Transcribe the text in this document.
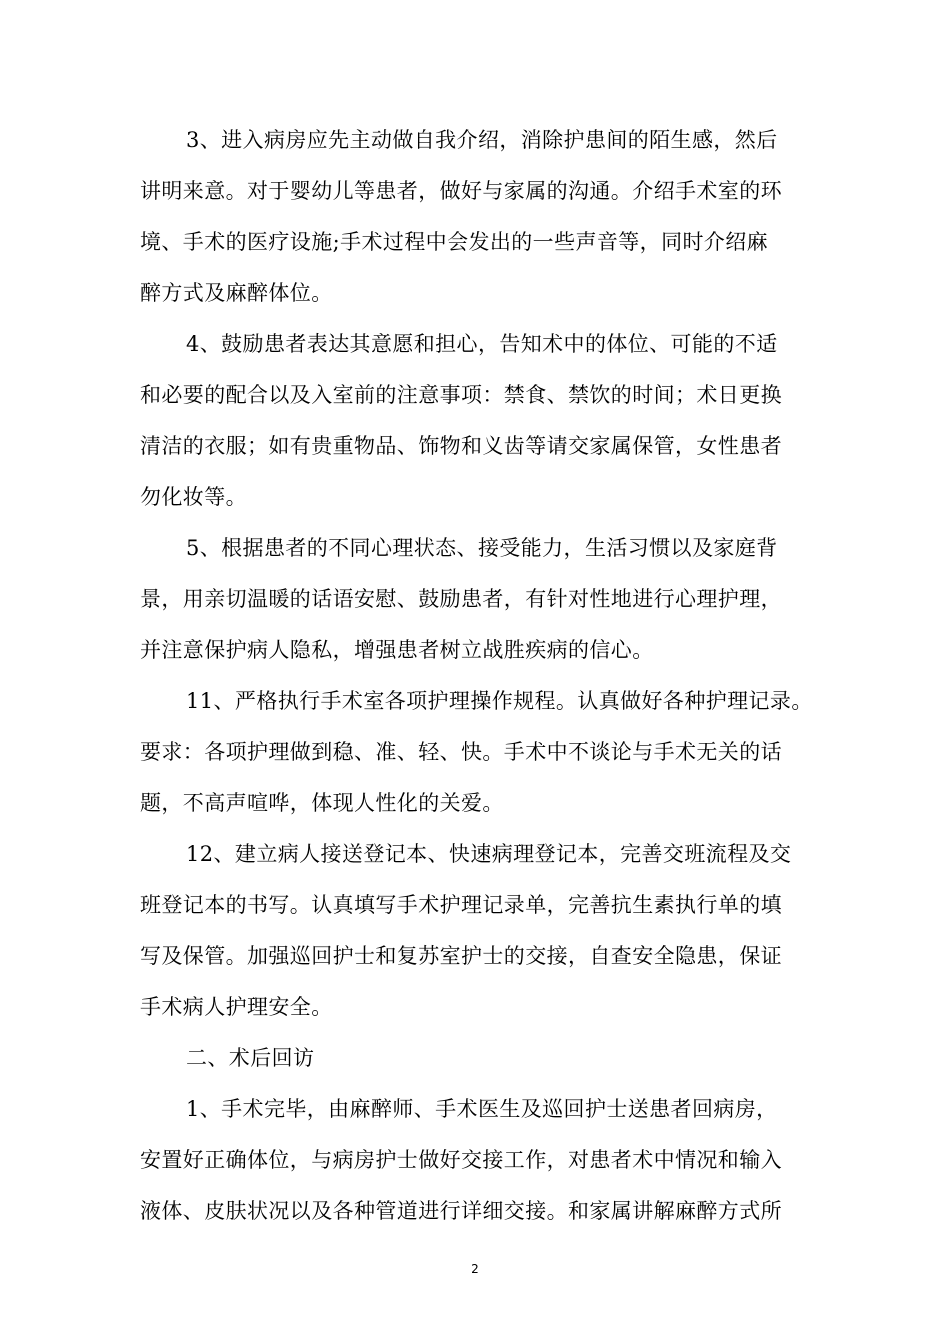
3、进入病房应先主动做自我介绍，消除护患间的陌生感，然后
讲明来意。对于婴幼儿等患者，做好与家属的沟通。介绍手术室的环
境、手术的医疗设施;手术过程中会发出的一些声音等，同时介绍麻
醉方式及麻醉体位。
4、鼓励患者表达其意愿和担心，告知术中的体位、可能的不适
和必要的配合以及入室前的注意事项：禁食、禁饮的时间；术日更换
清洁的衣服；如有贵重物品、饰物和义齿等请交家属保管，女性患者
勿化妆等。
5、根据患者的不同心理状态、接受能力，生活习惯以及家庭背
景，用亲切温暖的话语安慰、鼓励患者，有针对性地进行心理护理，
并注意保护病人隐私，增强患者树立战胜疾病的信心。
11、严格执行手术室各项护理操作规程。认真做好各种护理记录。
要求：各项护理做到稳、准、轻、快。手术中不谈论与手术无关的话
题，不高声喧哗，体现人性化的关爱。
12、建立病人接送登记本、快速病理登记本，完善交班流程及交
班登记本的书写。认真填写手术护理记录单，完善抗生素执行单的填
写及保管。加强巡回护士和复苏室护士的交接，自查安全隐患，保证
手术病人护理安全。
二、术后回访
1、手术完毕，由麻醉师、手术医生及巡回护士送患者回病房，
安置好正确体位，与病房护士做好交接工作，对患者术中情况和输入
液体、皮肤状况以及各种管道进行详细交接。和家属讲解麻醉方式所
2
